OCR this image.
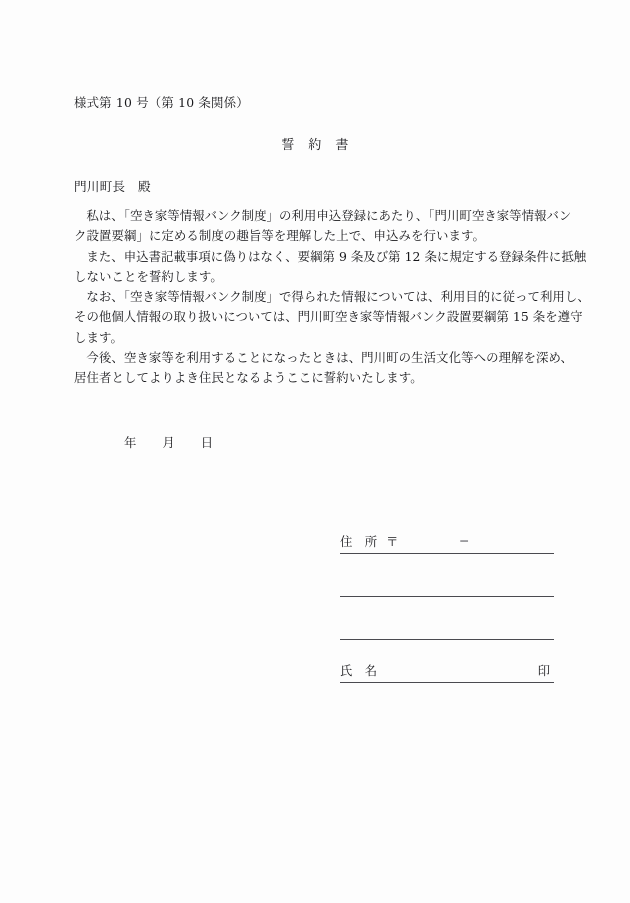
様式第 10 号（第 10 条関係）
誓　約　書
門川町長　殿
私は、「空き家等情報バンク制度」の利用申込登録にあたり、「門川町空き家等情報バン
ク設置要綱」に定める制度の趣旨等を理解した上で、申込みを行います。
また、申込書記載事項に偽りはなく、要綱第 9 条及び第 12 条に規定する登録条件に抵触
しないことを誓約します。
なお、「空き家等情報バンク制度」で得られた情報については、利用目的に従って利用し、
その他個人情報の取り扱いについては、門川町空き家等情報バンク設置要綱第 15 条を遵守
します。
今後、空き家等を利用することになったときは、門川町の生活文化等への理解を深め、
居住者としてよりよき住民となるようここに誓約いたします。
年 月 日
住　所 〒	−
氏　名	印
